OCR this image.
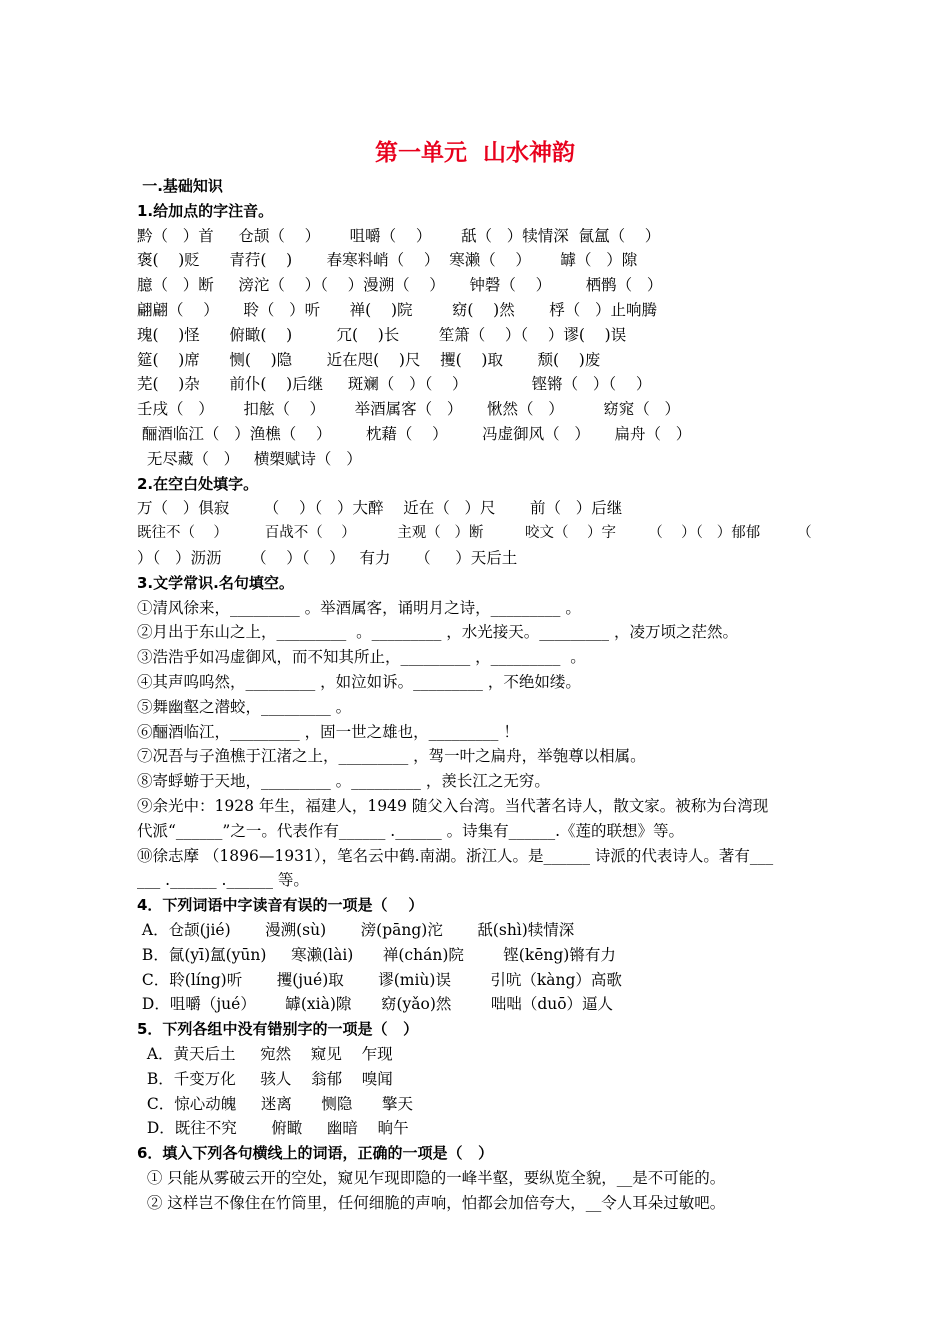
第一单元  山水神韵
一.基础知识
1.给加点的字注音。
黔（   ）首     仓颉（    ）      咀嚼（    ）      舐（   ）犊情深  氤氲（    ）
褒(    )贬      青荇(    )       春寒料峭（    ）  寒濑（    ）      罅（   ）隙
臆（   ）断     滂沱（    ）（    ）漫溯（    ）     钟磬（    ）       栖鹘（   ）
翩翩（    ）     聆（   ）听      禅(    )院        窈(    )然       桴（   ）止响腾
瑰(    )怪      俯瞰(    )         冗(    )长        笙箫（    ）（    ）谬(    )误
筵(    )席      恻(    )隐       近在咫(    )尺    攫(    )取       颓(    )废
芜(    )杂      前仆(    )后继     斑斓（   ）（    ）             铿锵（   ）（    ）
壬戌（   ）      扣舷（    ）      举酒属客（   ）     愀然（   ）        窈窕（   ）
酾酒临江（   ）渔樵（    ）       枕藉（    ）       冯虚御风（   ）     扁舟（   ）
无尽藏（   ）   横槊赋诗（   ）
2.在空白处填字。
万（   ）俱寂       （    ）（   ）大醉    近在（   ）尺       前（   ）后继
既往不（    ）        百战不（    ）         主观（   ）断         咬文（    ）字       （    ）（   ）郁郁        （
）（   ）沥沥      （    ）（    ）   有力     （     ）天后土
3.文学常识.名句填空。
①清风徐来，_________ 。举酒属客，诵明月之诗，_________ 。
②月出于东山之上，_________  。_________ ，水光接天。_________ ，凌万顷之茫然。
③浩浩乎如冯虚御风，而不知其所止，_________ ，_________  。
④其声呜呜然，_________ ，如泣如诉。_________ ，不绝如缕。
⑤舞幽壑之潜蛟，_________ 。
⑥酾酒临江，_________ ，固一世之雄也，_________ ！
⑦况吾与子渔樵于江渚之上，_________ ，驾一叶之扁舟，举匏尊以相属。
⑧寄蜉蝣于天地，_________ 。_________ ，羡长江之无穷。
⑨余光中：1928 年生，福建人，1949 随父入台湾。当代著名诗人，散文家。被称为台湾现
代派“______”之一。代表作有______ .______ 。诗集有______.《莲的联想》等。
⑩徐志摩 （1896—1931），笔名云中鹤.南湖。浙江人。是______ 诗派的代表诗人。著有___
___ .______ .______ 等。
4．下列词语中字读音有误的一项是（    ）
A．仓颉(jié)       漫溯(sù)       滂(pāng)沱       舐(shì)犊情深
B．氤(yī)氲(yūn)     寒濑(lài)      禅(chán)院        铿(kēng)锵有力
C．聆(líng)听       攫(jué)取       谬(miù)误        引吭（kàng）高歌
D．咀嚼（jué）      罅(xià)隙      窈(yǎo)然        咄咄（duō）逼人
5．下列各组中没有错别字的一项是（   ）
A．黄天后土     宛然    窥见    乍现
B．千变万化     骇人    翁郁    嗅闻
C．惊心动魄     迷离      恻隐      擎天
D．既往不究       俯瞰     幽暗    晌午
6．填入下列各句横线上的词语，正确的一项是（   ）
① 只能从雾破云开的空处，窥见乍现即隐的一峰半壑，要纵览全貌，__是不可能的。
② 这样岂不像住在竹筒里，任何细脆的声响，怕都会加倍夸大，__令人耳朵过敏吧。
